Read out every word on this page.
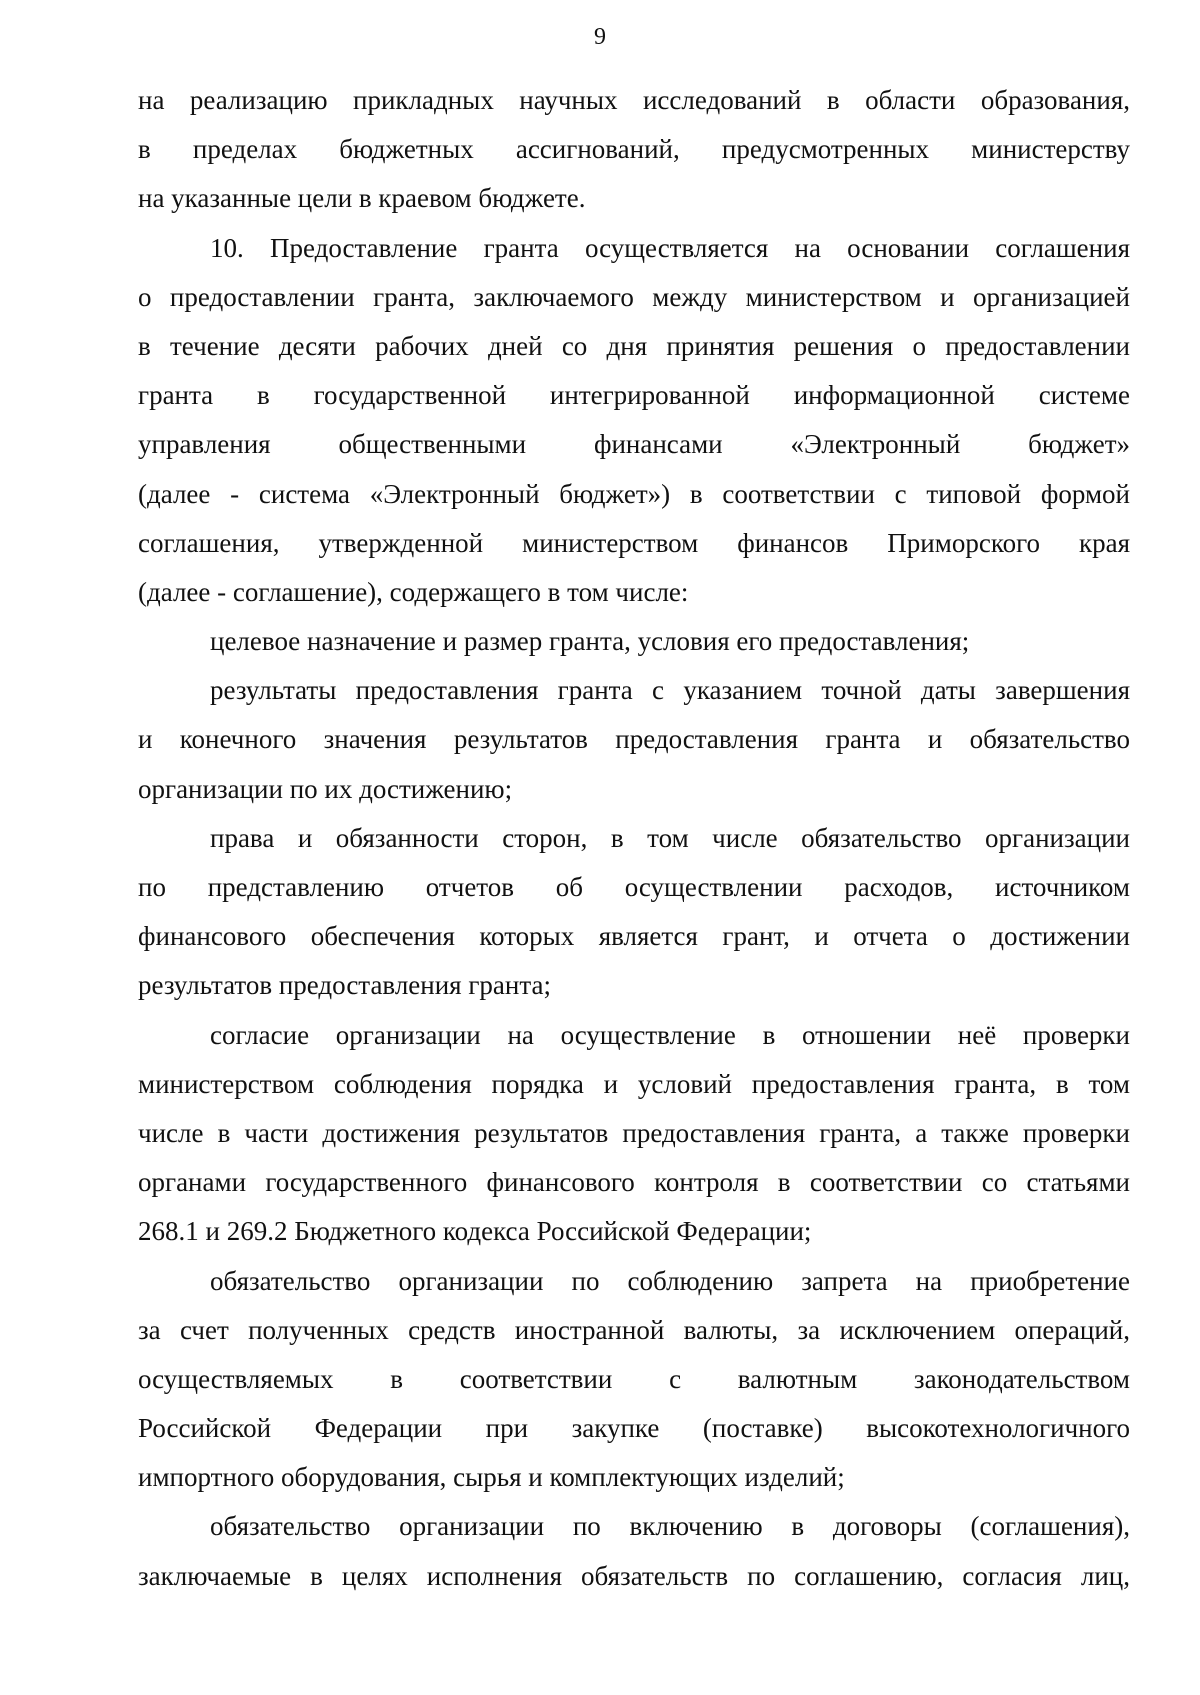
9
на реализацию прикладных научных исследований в области образования,
в пределах бюджетных ассигнований, предусмотренных министерству
на указанные цели в краевом бюджете.
10. Предоставление гранта осуществляется на основании соглашения
о предоставлении гранта, заключаемого между министерством и организацией
в течение десяти рабочих дней со дня принятия решения о предоставлении
гранта в государственной интегрированной информационной системе
управления общественными финансами «Электронный бюджет»
(далее - система «Электронный бюджет») в соответствии с типовой формой
соглашения, утвержденной министерством финансов Приморского края
(далее - соглашение), содержащего в том числе:
целевое назначение и размер гранта, условия его предоставления;
результаты предоставления гранта с указанием точной даты завершения
и конечного значения результатов предоставления гранта и обязательство
организации по их достижению;
права и обязанности сторон, в том числе обязательство организации
по представлению отчетов об осуществлении расходов, источником
финансового обеспечения которых является грант, и отчета о достижении
результатов предоставления гранта;
согласие организации на осуществление в отношении неё проверки
министерством соблюдения порядка и условий предоставления гранта, в том
числе в части достижения результатов предоставления гранта, а также проверки
органами государственного финансового контроля в соответствии со статьями
268.1 и 269.2 Бюджетного кодекса Российской Федерации;
обязательство организации по соблюдению запрета на приобретение
за счет полученных средств иностранной валюты, за исключением операций,
осуществляемых в соответствии с валютным законодательством
Российской Федерации при закупке (поставке) высокотехнологичного
импортного оборудования, сырья и комплектующих изделий;
обязательство организации по включению в договоры (соглашения),
заключаемые в целях исполнения обязательств по соглашению, согласия лиц,
